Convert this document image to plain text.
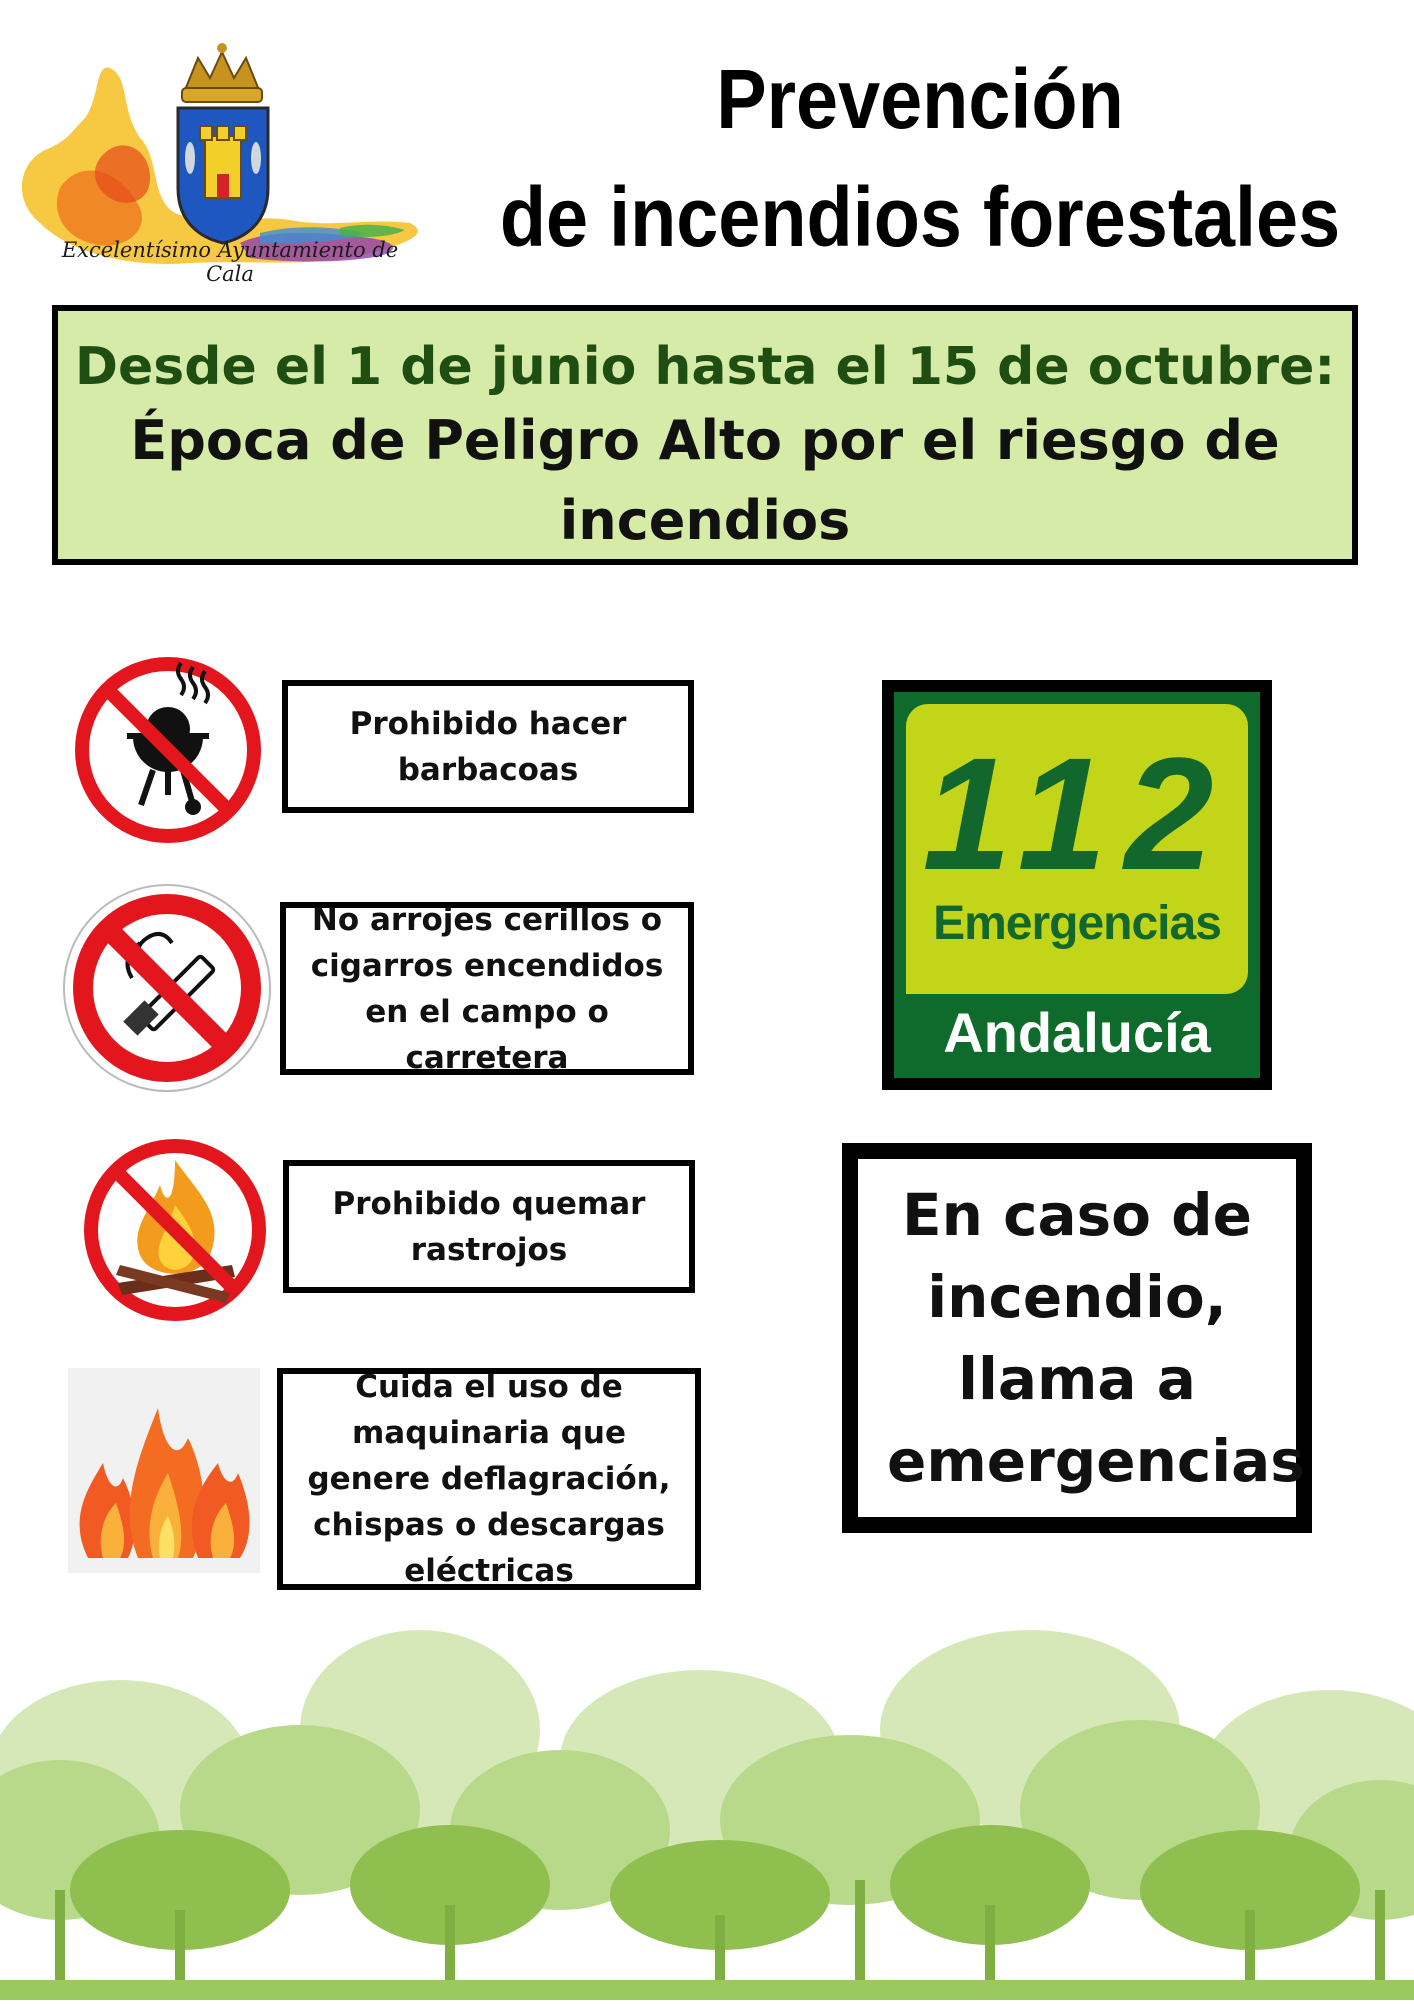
Excelentísimo Ayuntamiento de Cala
Prevención
de incendios forestales
Desde el 1 de junio hasta el 15 de octubre:
Época de Peligro Alto por el riesgo de incendios
Prohibido hacer barbacoas
No arrojes cerillos o cigarros encendidos en el campo o carretera
Prohibido quemar rastrojos
Cuida el uso de maquinaria que genere deflagración, chispas o descargas eléctricas
112
Emergencias
Andalucía
En caso de incendio, llama a emergencias
